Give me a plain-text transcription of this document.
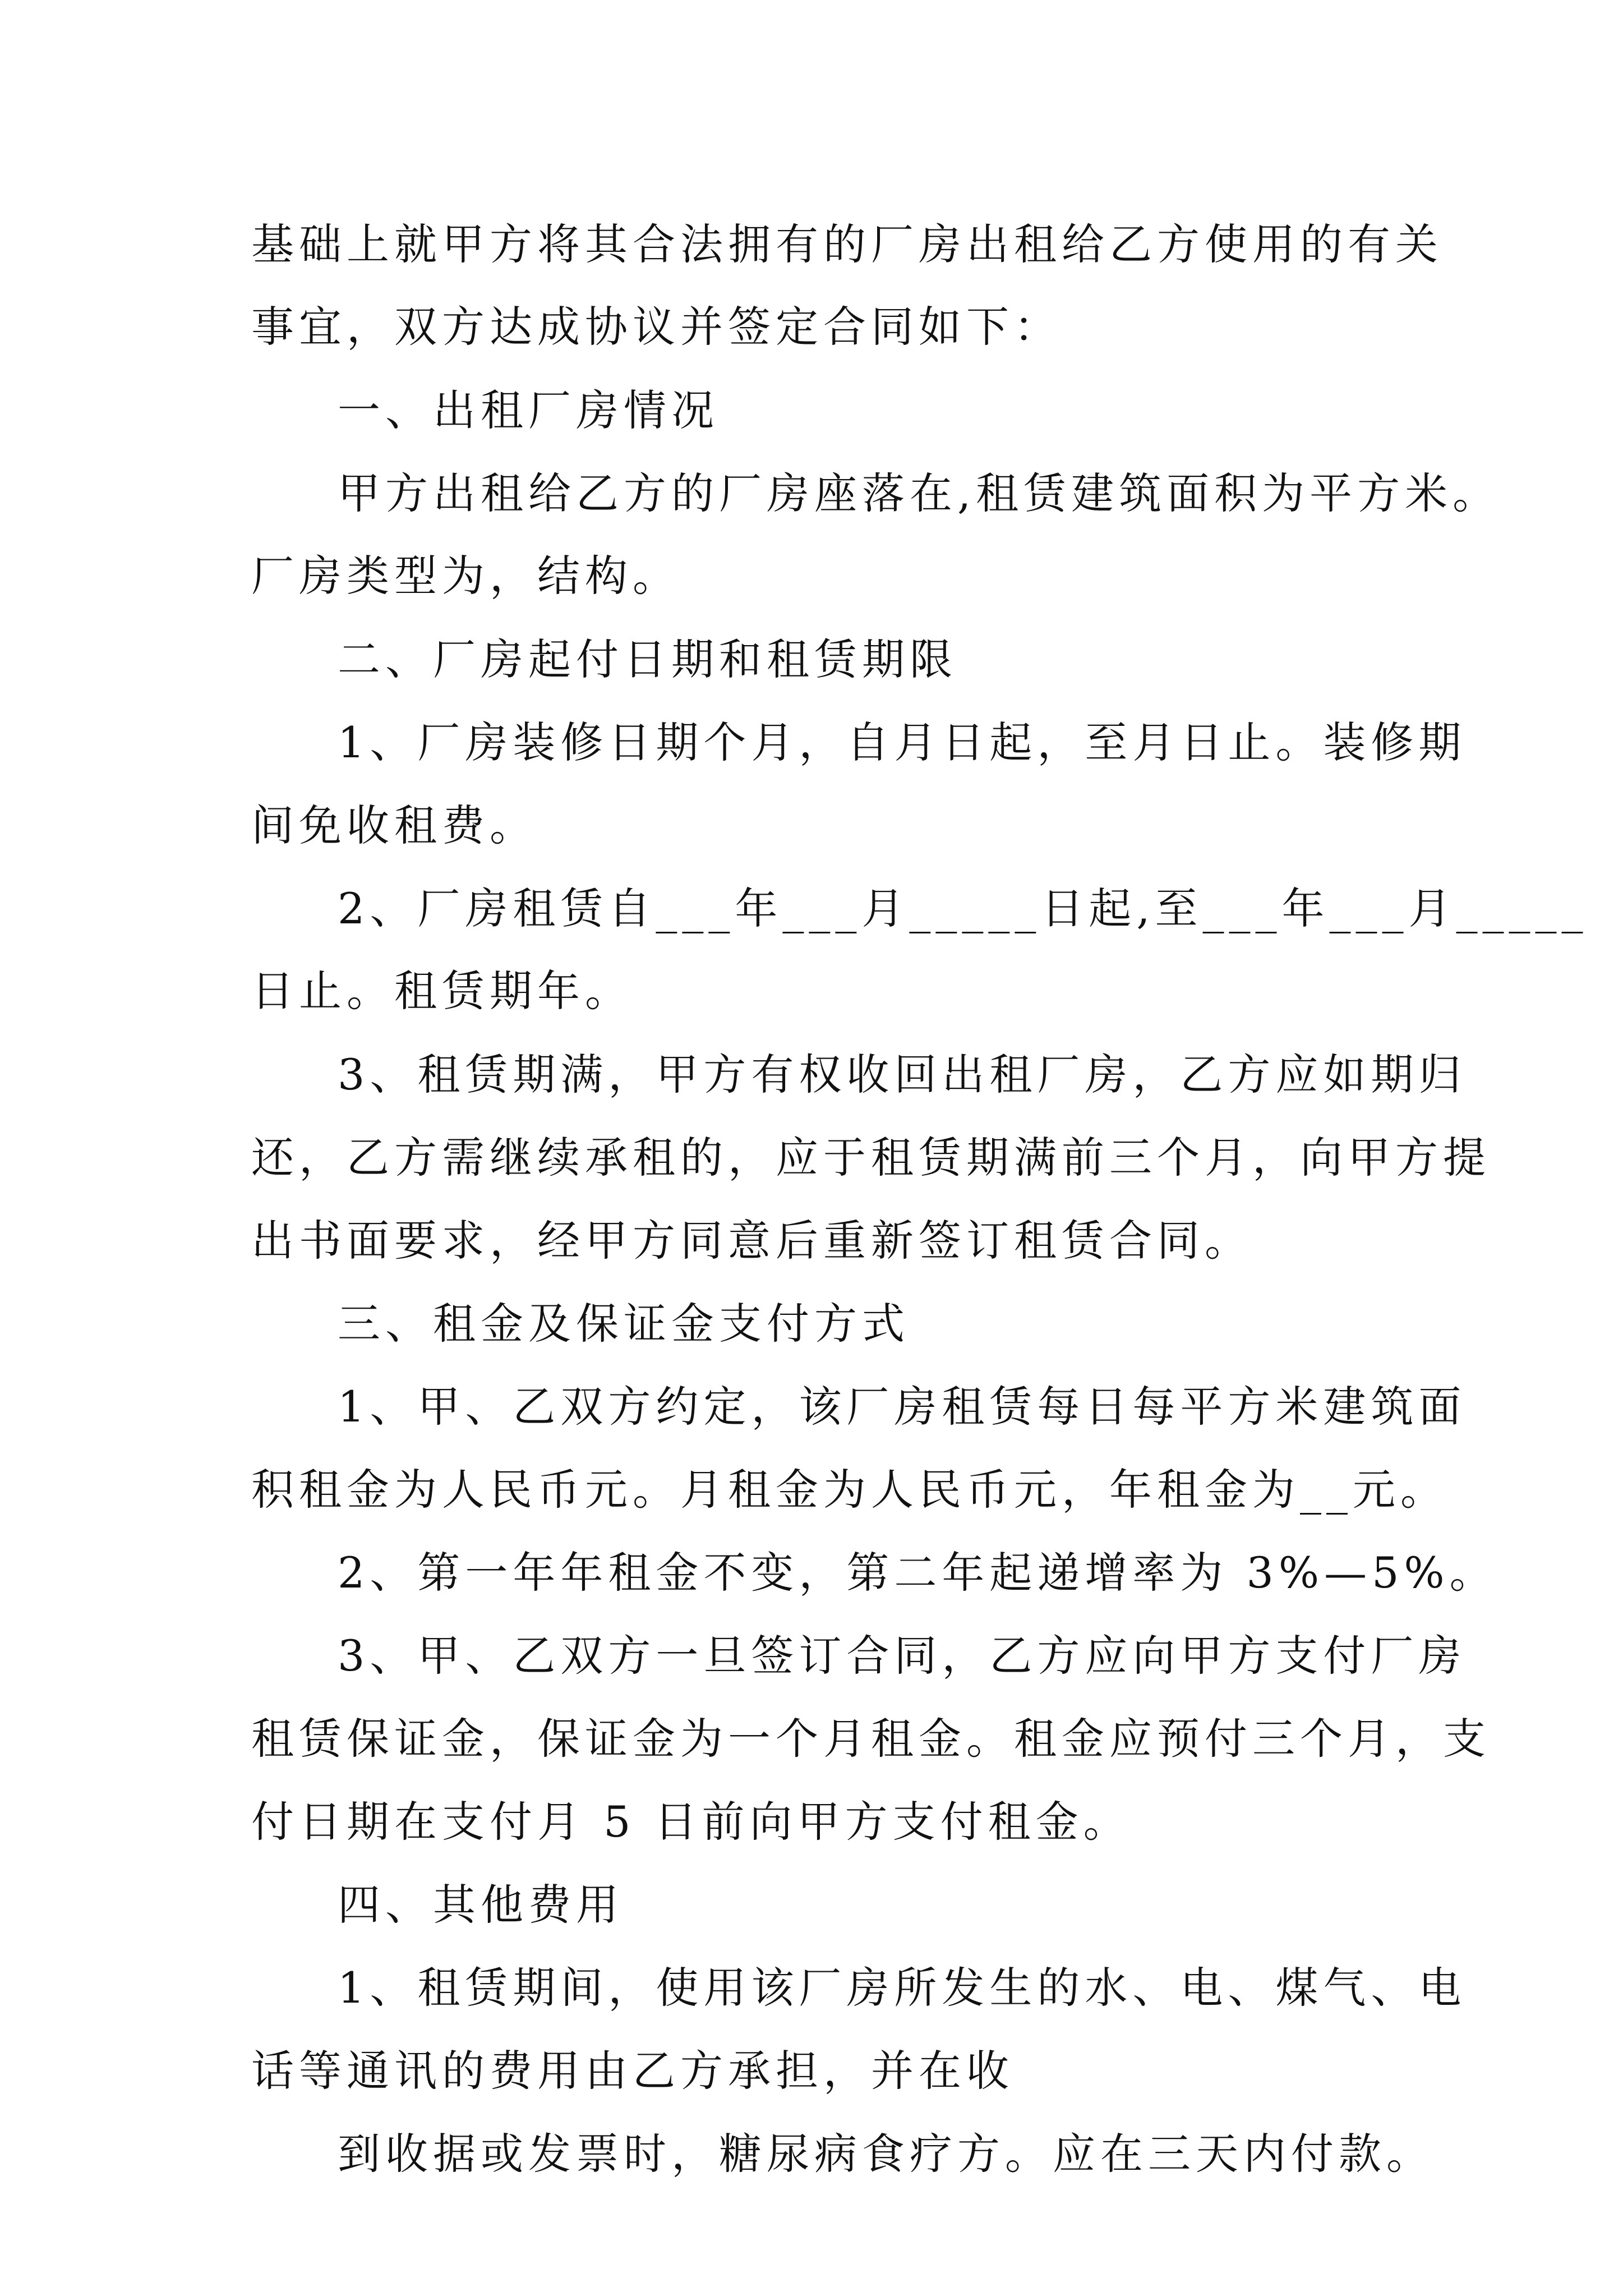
基础上就甲方将其合法拥有的厂房出租给乙方使用的有关
事宜，双方达成协议并签定合同如下：
一、出租厂房情况
甲方出租给乙方的厂房座落在,租赁建筑面积为平方米。
厂房类型为，结构。
二、厂房起付日期和租赁期限
1、厂房装修日期个月，自月日起，至月日止。装修期
间免收租费。
2、厂房租赁自___年___月_____日起,至___年___月_____
日止。租赁期年。
3、租赁期满，甲方有权收回出租厂房，乙方应如期归
还，乙方需继续承租的，应于租赁期满前三个月，向甲方提
出书面要求，经甲方同意后重新签订租赁合同。
三、租金及保证金支付方式
1、甲、乙双方约定，该厂房租赁每日每平方米建筑面
积租金为人民币元。月租金为人民币元，年租金为__元。
2、第一年年租金不变，第二年起递增率为 3%—5%。
3、甲、乙双方一旦签订合同，乙方应向甲方支付厂房
租赁保证金，保证金为一个月租金。租金应预付三个月，支
付日期在支付月 5 日前向甲方支付租金。
四、其他费用
1、租赁期间，使用该厂房所发生的水、电、煤气、电
话等通讯的费用由乙方承担，并在收
到收据或发票时，糖尿病食疗方。应在三天内付款。
